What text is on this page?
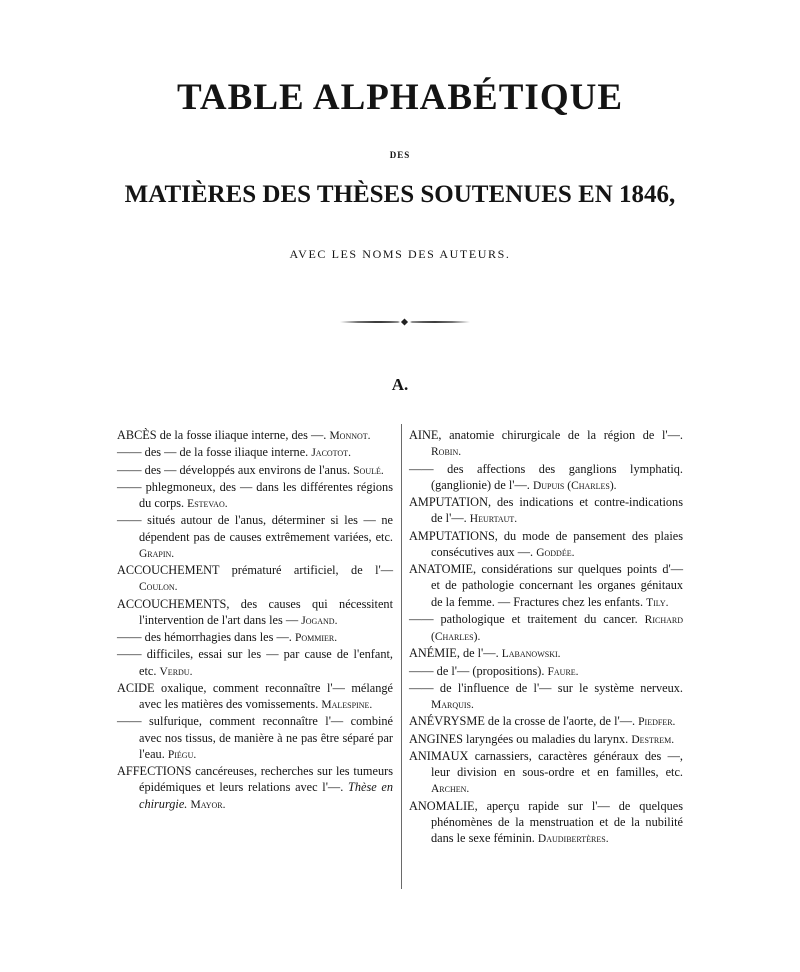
TABLE ALPHABÉTIQUE
DES
MATIÈRES DES THÈSES SOUTENUES EN 1846,
AVEC LES NOMS DES AUTEURS.
A.

ABCÈS de la fosse iliaque interne, des —. Monnot.

—— des — de la fosse iliaque interne. Jacotot.

—— des — développés aux environs de l'anus. Soulé.

—— phlegmoneux, des — dans les différentes régions du corps. Estevao.

—— situés autour de l'anus, déterminer si les — ne dépendent pas de causes extrêmement variées, etc. Grapin.

ACCOUCHEMENT prématuré artificiel, de l'— Coulon.

ACCOUCHEMENTS, des causes qui nécessitent l'intervention de l'art dans les — Jogand.

—— des hémorrhagies dans les —. Pommier.

—— difficiles, essai sur les — par cause de l'enfant, etc. Verdu.

ACIDE oxalique, comment reconnaître l'— mélangé avec les matières des vomissements. Malespine.

—— sulfurique, comment reconnaître l'— combiné avec nos tissus, de manière à ne pas être séparé par l'eau. Piégu.

AFFECTIONS cancéreuses, recherches sur les tumeurs épidémiques et leurs relations avec l'—. Thèse en chirurgie. Mayor.

AINE, anatomie chirurgicale de la région de l'—. Robin.

—— des affections des ganglions lymphatiq. (ganglionie) de l'—. Dupuis (Charles).

AMPUTATION, des indications et contre-indications de l'—. Heurtaut.

AMPUTATIONS, du mode de pansement des plaies consécutives aux —. Goddée.

ANATOMIE, considérations sur quelques points d'— et de pathologie concernant les organes génitaux de la femme. — Fractures chez les enfants. Tily.

—— pathologique et traitement du cancer. Richard (Charles).

ANÉMIE, de l'—. Labanowski.

—— de l'— (propositions). Faure.

—— de l'influence de l'— sur le système nerveux. Marquis.

ANÉVRYSME de la crosse de l'aorte, de l'—. Piedfer.

ANGINES laryngées ou maladies du larynx. Destrem.

ANIMAUX carnassiers, caractères généraux des —, leur division en sous-ordre et en familles, etc. Archen.

ANOMALIE, aperçu rapide sur l'— de quelques phénomènes de la menstruation et de la nubilité dans le sexe féminin. Daudibertères.
